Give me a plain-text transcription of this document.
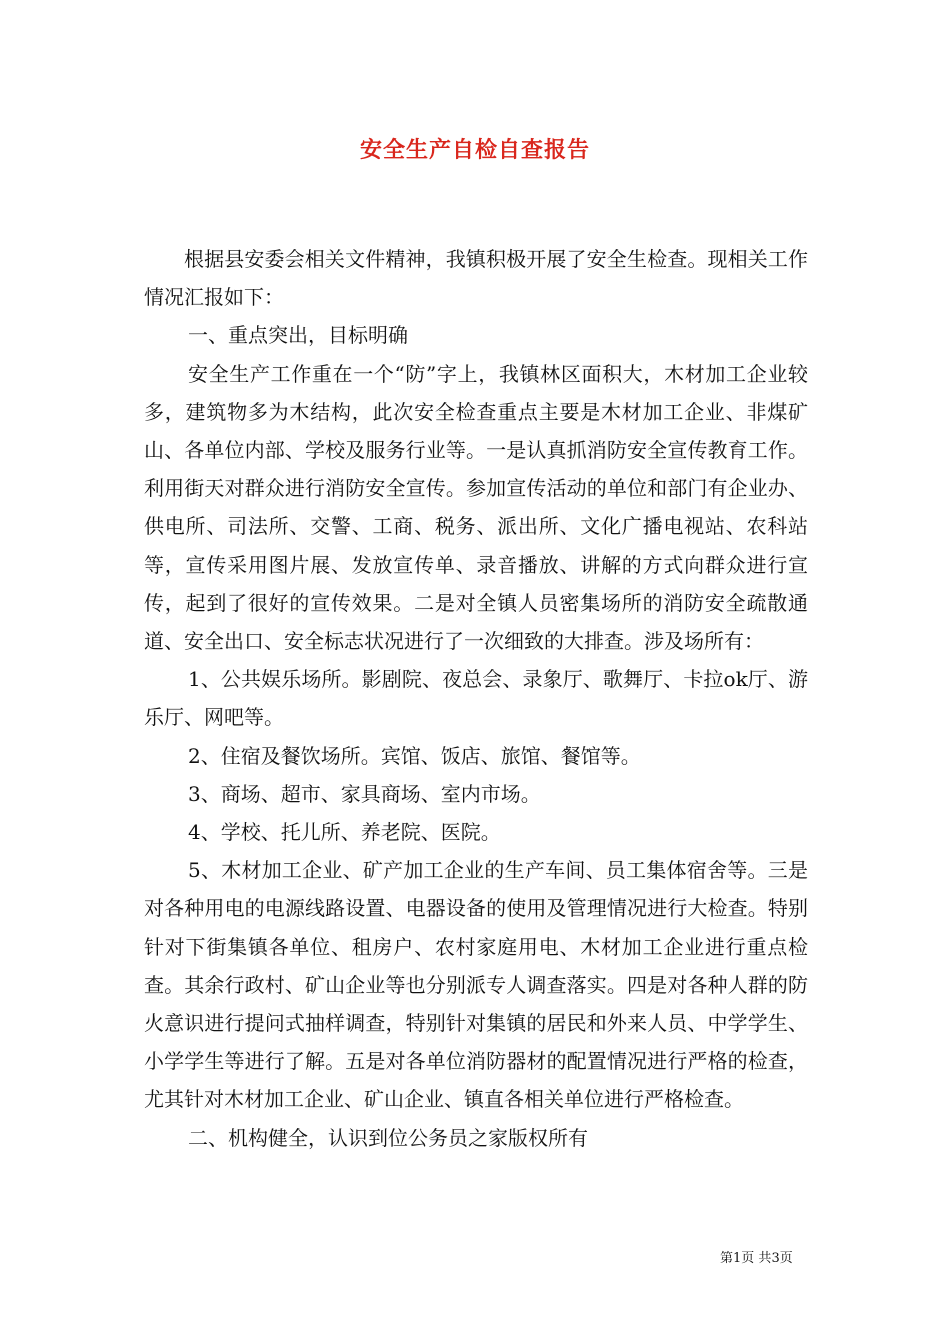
安全生产自检自查报告

根据县安委会相关文件精神，我镇积极开展了安全生检查。现相关工作情况汇报如下：

一、重点突出，目标明确

安全生产工作重在一个“防”字上，我镇林区面积大，木材加工企业较多，建筑物多为木结构，此次安全检查重点主要是木材加工企业、非煤矿山、各单位内部、学校及服务行业等。一是认真抓消防安全宣传教育工作。利用街天对群众进行消防安全宣传。参加宣传活动的单位和部门有企业办、供电所、司法所、交警、工商、税务、派出所、文化广播电视站、农科站等，宣传采用图片展、发放宣传单、录音播放、讲解的方式向群众进行宣传，起到了很好的宣传效果。二是对全镇人员密集场所的消防安全疏散通道、安全出口、安全标志状况进行了一次细致的大排查。涉及场所有：

1、公共娱乐场所。影剧院、夜总会、录象厅、歌舞厅、卡拉ok厅、游乐厅、网吧等。

2、住宿及餐饮场所。宾馆、饭店、旅馆、餐馆等。

3、商场、超市、家具商场、室内市场。

4、学校、托儿所、养老院、医院。

5、木材加工企业、矿产加工企业的生产车间、员工集体宿舍等。三是对各种用电的电源线路设置、电器设备的使用及管理情况进行大检查。特别针对下街集镇各单位、租房户、农村家庭用电、木材加工企业进行重点检查。其余行政村、矿山企业等也分别派专人调查落实。四是对各种人群的防火意识进行提问式抽样调查，特别针对集镇的居民和外来人员、中学学生、小学学生等进行了解。五是对各单位消防器材的配置情况进行严格的检查，尤其针对木材加工企业、矿山企业、镇直各相关单位进行严格检查。

二、机构健全，认识到位公务员之家版权所有

第1页 共3页
